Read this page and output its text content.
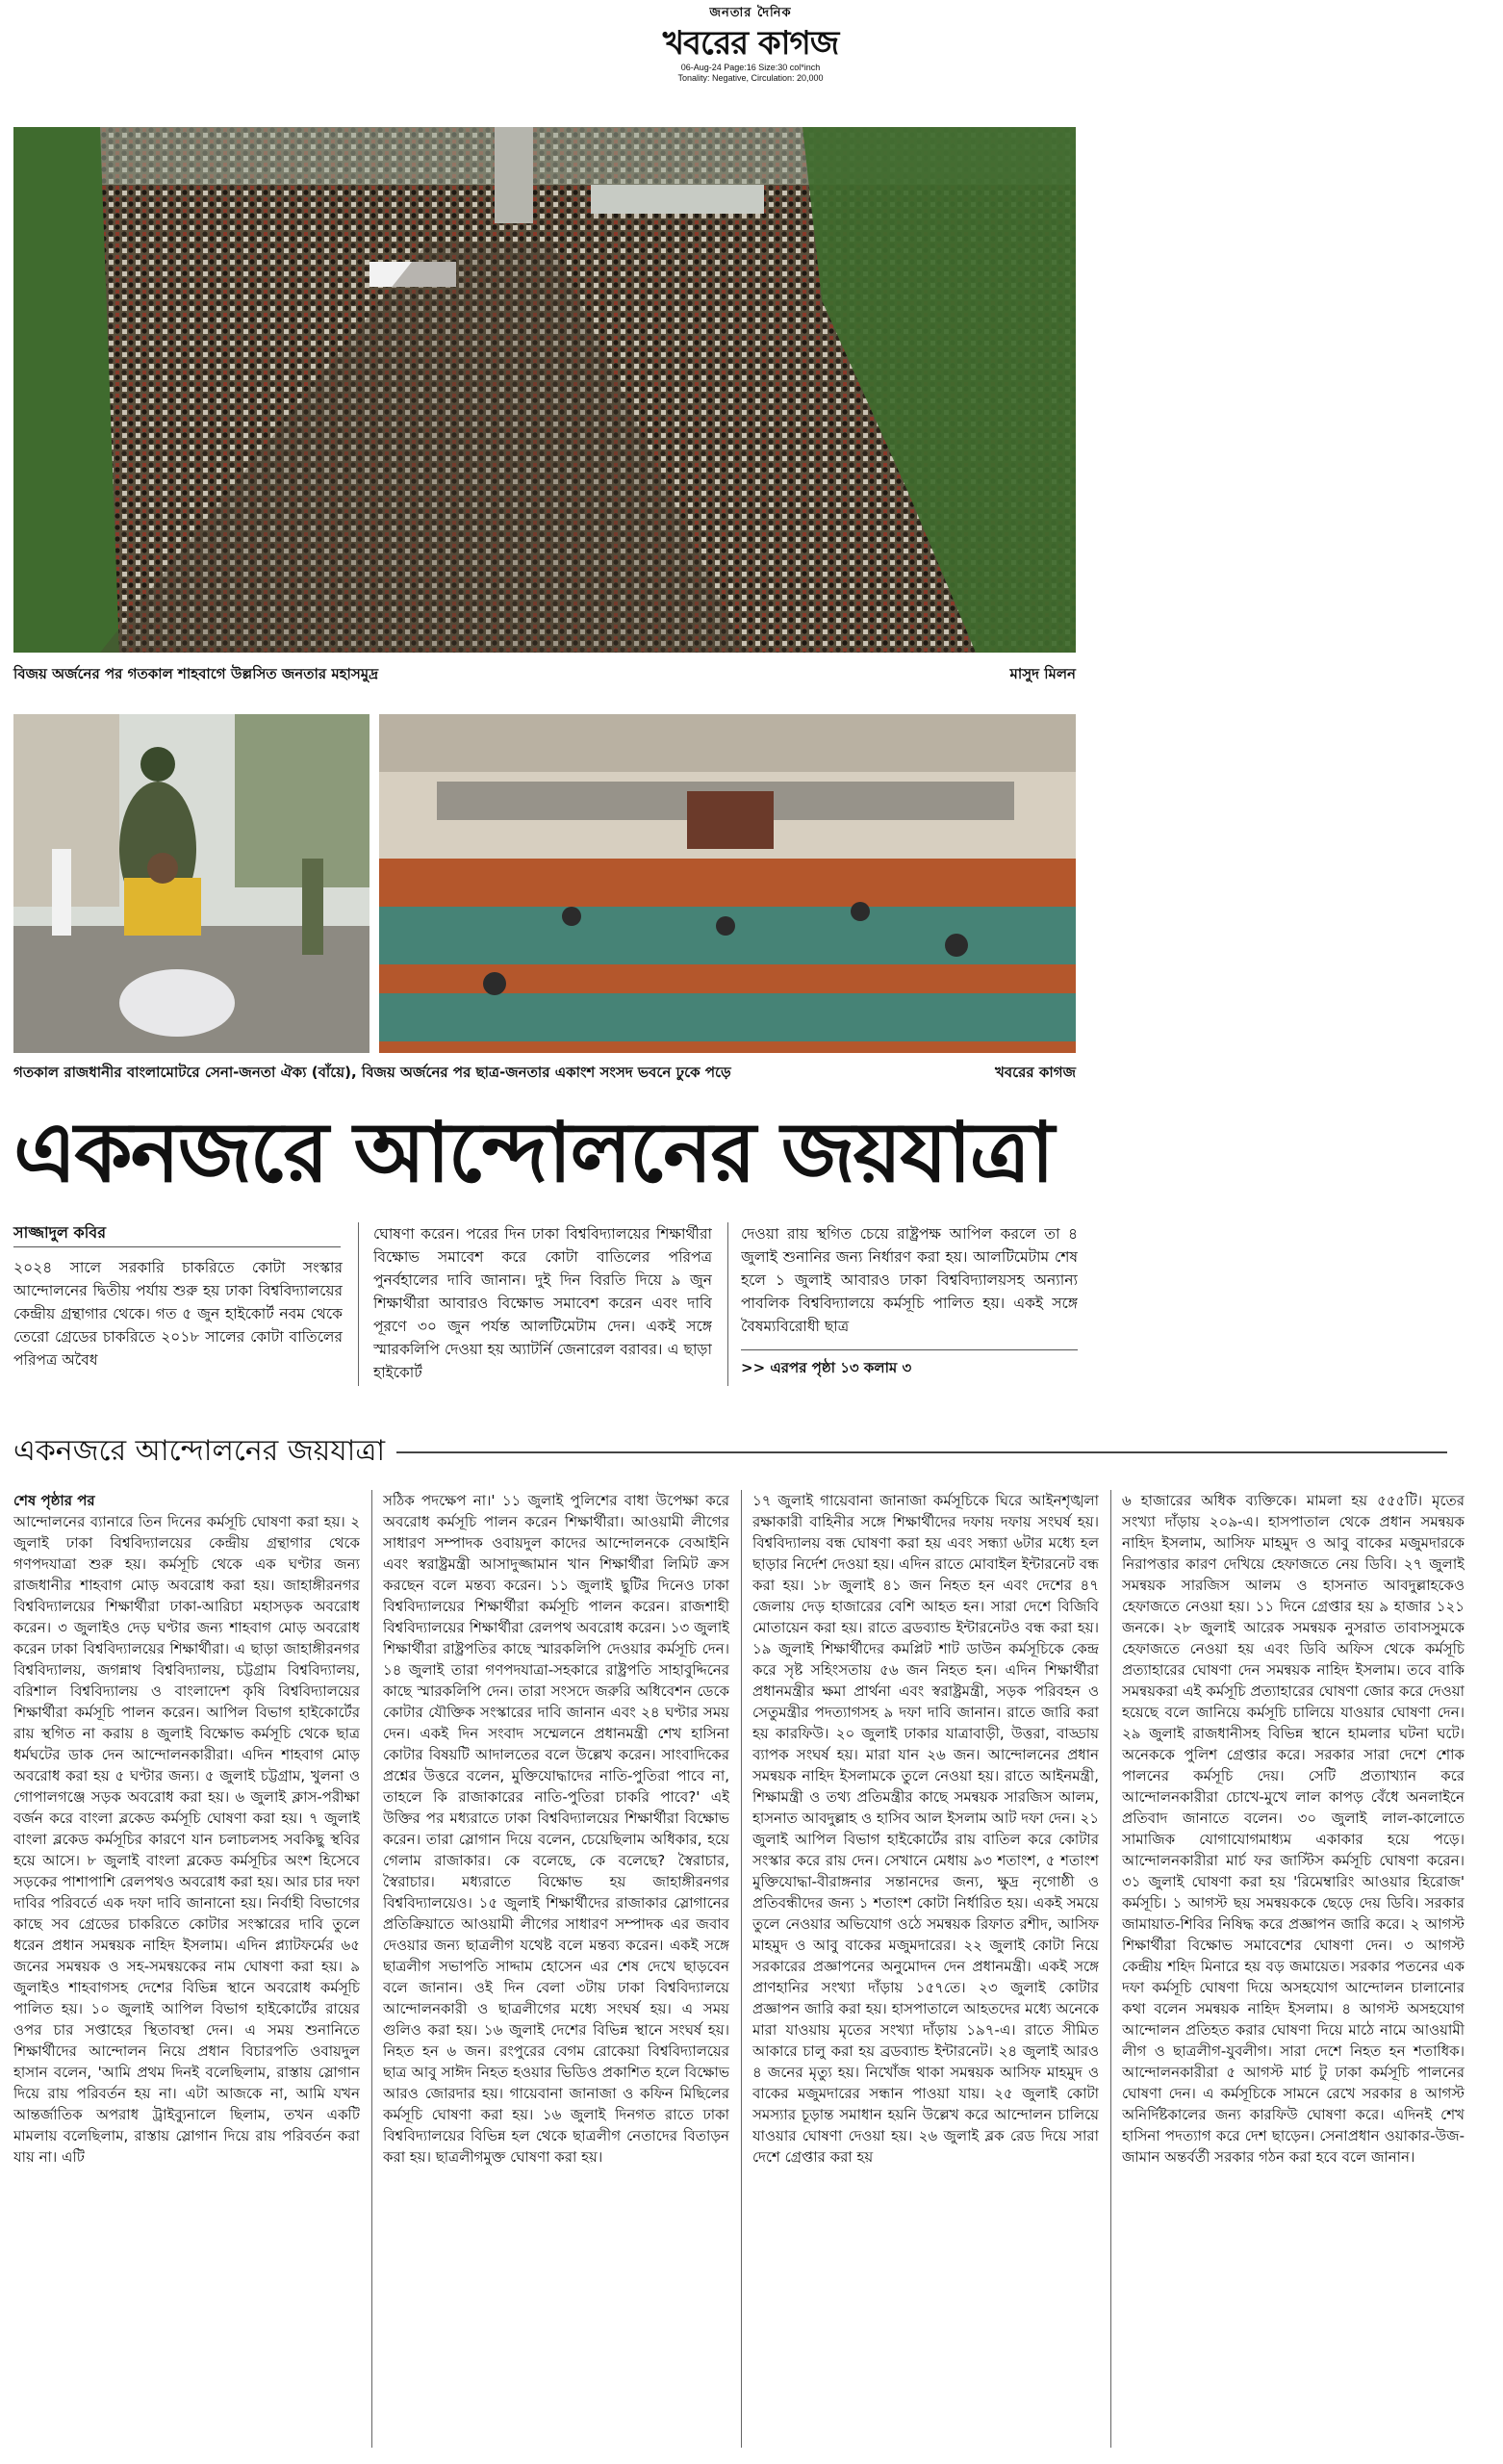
জনতার দৈনিক
খবরের কাগজ
06-Aug-24 Page:16 Size:30 col*inch
Tonality: Negative, Circulation: 20,000
বিজয় অর্জনের পর গতকাল শাহবাগে উল্লসিত জনতার মহাসমুদ্র	মাসুদ মিলন
গতকাল রাজধানীর বাংলামোটরে সেনা-জনতা ঐক্য (বাঁয়ে), বিজয় অর্জনের পর ছাত্র-জনতার একাংশ সংসদ ভবনে ঢুকে পড়ে	খবরের কাগজ
একনজরে আন্দোলনের জয়যাত্রা
সাজ্জাদুল কবির

২০২৪ সালে সরকারি চাকরিতে কোটা সংস্কার আন্দোলনের দ্বিতীয় পর্যায় শুরু হয় ঢাকা বিশ্ববিদ্যালয়ের কেন্দ্রীয় গ্রন্থাগার থেকে। গত ৫ জুন হাইকোর্ট নবম থেকে তেরো গ্রেডের চাকরিতে ২০১৮ সালের কোটা বাতিলের পরিপত্র অবৈধ

ঘোষণা করেন। পরের দিন ঢাকা বিশ্ববিদ্যালয়ের শিক্ষার্থীরা বিক্ষোভ সমাবেশ করে কোটা বাতিলের পরিপত্র পুনর্বহালের দাবি জানান। দুই দিন বিরতি দিয়ে ৯ জুন শিক্ষার্থীরা আবারও বিক্ষোভ সমাবেশ করেন এবং দাবি পূরণে ৩০ জুন পর্যন্ত আলটিমেটাম দেন। একই সঙ্গে স্মারকলিপি দেওয়া হয় অ্যাটর্নি জেনারেল বরাবর। এ ছাড়া হাইকোর্ট

দেওয়া রায় স্থগিত চেয়ে রাষ্ট্রপক্ষ আপিল করলে তা ৪ জুলাই শুনানির জন্য নির্ধারণ করা হয়। আলটিমেটাম শেষ হলে ১ জুলাই আবারও ঢাকা বিশ্ববিদ্যালয়সহ অন্যান্য পাবলিক বিশ্ববিদ্যালয়ে কর্মসূচি পালিত হয়। একই সঙ্গে বৈষম্যবিরোধী ছাত্র

>> এরপর পৃষ্ঠা ১৩ কলাম ৩
একনজরে আন্দোলনের জয়যাত্রা

শেষ পৃষ্ঠার পর

আন্দোলনের ব্যানারে তিন দিনের কর্মসূচি ঘোষণা করা হয়। ২ জুলাই ঢাকা বিশ্ববিদ্যালয়ের কেন্দ্রীয় গ্রন্থাগার থেকে গণপদযাত্রা শুরু হয়। কর্মসূচি থেকে এক ঘণ্টার জন্য রাজধানীর শাহবাগ মোড় অবরোধ করা হয়। জাহাঙ্গীরনগর বিশ্ববিদ্যালয়ের শিক্ষার্থীরা ঢাকা-আরিচা মহাসড়ক অবরোধ করেন। ৩ জুলাইও দেড় ঘণ্টার জন্য শাহবাগ মোড় অবরোধ করেন ঢাকা বিশ্ববিদ্যালয়ের শিক্ষার্থীরা। এ ছাড়া জাহাঙ্গীরনগর বিশ্ববিদ্যালয়, জগন্নাথ বিশ্ববিদ্যালয়, চট্টগ্রাম বিশ্ববিদ্যালয়, বরিশাল বিশ্ববিদ্যালয় ও বাংলাদেশ কৃষি বিশ্ববিদ্যালয়ের শিক্ষার্থীরা কর্মসূচি পালন করেন। আপিল বিভাগ হাইকোর্টের রায় স্থগিত না করায় ৪ জুলাই বিক্ষোভ কর্মসূচি থেকে ছাত্র ধর্মঘটের ডাক দেন আন্দোলনকারীরা। এদিন শাহবাগ মোড় অবরোধ করা হয় ৫ ঘণ্টার জন্য। ৫ জুলাই চট্টগ্রাম, খুলনা ও গোপালগঞ্জে সড়ক অবরোধ করা হয়। ৬ জুলাই ক্লাস-পরীক্ষা বর্জন করে বাংলা ব্লকেড কর্মসূচি ঘোষণা করা হয়। ৭ জুলাই বাংলা ব্লকেড কর্মসূচির কারণে যান চলাচলসহ সবকিছু স্থবির হয়ে আসে। ৮ জুলাই বাংলা ব্লকেড কর্মসূচির অংশ হিসেবে সড়কের পাশাপাশি রেলপথও অবরোধ করা হয়। আর চার দফা দাবির পরিবর্তে এক দফা দাবি জানানো হয়। নির্বাহী বিভাগের কাছে সব গ্রেডের চাকরিতে কোটার সংস্কারের দাবি তুলে ধরেন প্রধান সমন্বয়ক নাহিদ ইসলাম। এদিন প্ল্যাটফর্মের ৬৫ জনের সমন্বয়ক ও সহ-সমন্বয়কের নাম ঘোষণা করা হয়। ৯ জুলাইও শাহবাগসহ দেশের বিভিন্ন স্থানে অবরোধ কর্মসূচি পালিত হয়। ১০ জুলাই আপিল বিভাগ হাইকোর্টের রায়ের ওপর চার সপ্তাহের স্থিতাবস্থা দেন। এ সময় শুনানিতে শিক্ষার্থীদের আন্দোলন নিয়ে প্রধান বিচারপতি ওবায়দুল হাসান বলেন, 'আমি প্রথম দিনই বলেছিলাম, রাস্তায় স্লোগান দিয়ে রায় পরিবর্তন হয় না। এটা আজকে না, আমি যখন আন্তর্জাতিক অপরাধ ট্রাইব্যুনালে ছিলাম, তখন একটি মামলায় বলেছিলাম, রাস্তায় স্লোগান দিয়ে রায় পরিবর্তন করা যায় না। এটি

সঠিক পদক্ষেপ না।' ১১ জুলাই পুলিশের বাধা উপেক্ষা করে অবরোধ কর্মসূচি পালন করেন শিক্ষার্থীরা। আওয়ামী লীগের সাধারণ সম্পাদক ওবায়দুল কাদের আন্দোলনকে বেআইনি এবং স্বরাষ্ট্রমন্ত্রী আসাদুজ্জামান খান শিক্ষার্থীরা লিমিট ক্রস করছেন বলে মন্তব্য করেন। ১১ জুলাই ছুটির দিনেও ঢাকা বিশ্ববিদ্যালয়ের শিক্ষার্থীরা কর্মসূচি পালন করেন। রাজশাহী বিশ্ববিদ্যালয়ের শিক্ষার্থীরা রেলপথ অবরোধ করেন। ১৩ জুলাই শিক্ষার্থীরা রাষ্ট্রপতির কাছে স্মারকলিপি দেওয়ার কর্মসূচি দেন। ১৪ জুলাই তারা গণপদযাত্রা-সহকারে রাষ্ট্রপতি সাহাবুদ্দিনের কাছে স্মারকলিপি দেন। তারা সংসদে জরুরি অধিবেশন ডেকে কোটার যৌক্তিক সংস্কারের দাবি জানান এবং ২৪ ঘণ্টার সময় দেন। একই দিন সংবাদ সম্মেলনে প্রধানমন্ত্রী শেখ হাসিনা কোটার বিষয়টি আদালতের বলে উল্লেখ করেন। সাংবাদিকের প্রশ্নের উত্তরে বলেন, মুক্তিযোদ্ধাদের নাতি-পুতিরা পাবে না, তাহলে কি রাজাকারের নাতি-পুতিরা চাকরি পাবে?' এই উক্তির পর মধ্যরাতে ঢাকা বিশ্ববিদ্যালয়ের শিক্ষার্থীরা বিক্ষোভ করেন। তারা স্লোগান দিয়ে বলেন, চেয়েছিলাম অধিকার, হয়ে গেলাম রাজাকার। কে বলেছে, কে বলেছে? স্বৈরাচার, স্বৈরাচার। মধ্যরাতে বিক্ষোভ হয় জাহাঙ্গীরনগর বিশ্ববিদ্যালয়েও। ১৫ জুলাই শিক্ষার্থীদের রাজাকার স্লোগানের প্রতিক্রিয়াতে আওয়ামী লীগের সাধারণ সম্পাদক এর জবাব দেওয়ার জন্য ছাত্রলীগ যথেষ্ট বলে মন্তব্য করেন। একই সঙ্গে ছাত্রলীগ সভাপতি সাদ্দাম হোসেন এর শেষ দেখে ছাড়বেন বলে জানান। ওই দিন বেলা ৩টায় ঢাকা বিশ্ববিদ্যালয়ে আন্দোলনকারী ও ছাত্রলীগের মধ্যে সংঘর্ষ হয়। এ সময় গুলিও করা হয়। ১৬ জুলাই দেশের বিভিন্ন স্থানে সংঘর্ষ হয়। নিহত হন ৬ জন। রংপুরের বেগম রোকেয়া বিশ্ববিদ্যালয়ের ছাত্র আবু সাঈদ নিহত হওয়ার ভিডিও প্রকাশিত হলে বিক্ষোভ আরও জোরদার হয়। গায়েবানা জানাজা ও কফিন মিছিলের কর্মসূচি ঘোষণা করা হয়। ১৬ জুলাই দিনগত রাতে ঢাকা বিশ্ববিদ্যালয়ের বিভিন্ন হল থেকে ছাত্রলীগ নেতাদের বিতাড়ন করা হয়। ছাত্রলীগমুক্ত ঘোষণা করা হয়।

১৭ জুলাই গায়েবানা জানাজা কর্মসূচিকে ঘিরে আইনশৃঙ্খলা রক্ষাকারী বাহিনীর সঙ্গে শিক্ষার্থীদের দফায় দফায় সংঘর্ষ হয়। বিশ্ববিদ্যালয় বন্ধ ঘোষণা করা হয় এবং সন্ধ্যা ৬টার মধ্যে হল ছাড়ার নির্দেশ দেওয়া হয়। এদিন রাতে মোবাইল ইন্টারনেট বন্ধ করা হয়। ১৮ জুলাই ৪১ জন নিহত হন এবং দেশের ৪৭ জেলায় দেড় হাজারের বেশি আহত হন। সারা দেশে বিজিবি মোতায়েন করা হয়। রাতে ব্রডব্যান্ড ইন্টারনেটও বন্ধ করা হয়। ১৯ জুলাই শিক্ষার্থীদের কমপ্লিট শাট ডাউন কর্মসূচিকে কেন্দ্র করে সৃষ্ট সহিংসতায় ৫৬ জন নিহত হন। এদিন শিক্ষার্থীরা প্রধানমন্ত্রীর ক্ষমা প্রার্থনা এবং স্বরাষ্ট্রমন্ত্রী, সড়ক পরিবহন ও সেতুমন্ত্রীর পদত্যাগসহ ৯ দফা দাবি জানান। রাতে জারি করা হয় কারফিউ। ২০ জুলাই ঢাকার যাত্রাবাড়ী, উত্তরা, বাড্ডায় ব্যাপক সংঘর্ষ হয়। মারা যান ২৬ জন। আন্দোলনের প্রধান সমন্বয়ক নাহিদ ইসলামকে তুলে নেওয়া হয়। রাতে আইনমন্ত্রী, শিক্ষামন্ত্রী ও তথ্য প্রতিমন্ত্রীর কাছে সমন্বয়ক সারজিস আলম, হাসনাত আবদুল্লাহ ও হাসিব আল ইসলাম আট দফা দেন। ২১ জুলাই আপিল বিভাগ হাইকোর্টের রায় বাতিল করে কোটার সংস্কার করে রায় দেন। সেখানে মেধায় ৯৩ শতাংশ, ৫ শতাংশ মুক্তিযোদ্ধা-বীরাঙ্গনার সন্তানদের জন্য, ক্ষুদ্র নৃগোষ্ঠী ও প্রতিবন্ধীদের জন্য ১ শতাংশ কোটা নির্ধারিত হয়। একই সময়ে তুলে নেওয়ার অভিযোগ ওঠে সমন্বয়ক রিফাত রশীদ, আসিফ মাহমুদ ও আবু বাকের মজুমদারের। ২২ জুলাই কোটা নিয়ে সরকারের প্রজ্ঞাপনের অনুমোদন দেন প্রধানমন্ত্রী। একই সঙ্গে প্রাণহানির সংখ্যা দাঁড়ায় ১৫৭তে। ২৩ জুলাই কোটার প্রজ্ঞাপন জারি করা হয়। হাসপাতালে আহতদের মধ্যে অনেকে মারা যাওয়ায় মৃতের সংখ্যা দাঁড়ায় ১৯৭-এ। রাতে সীমিত আকারে চালু করা হয় ব্রডব্যান্ড ইন্টারনেট। ২৪ জুলাই আরও ৪ জনের মৃত্যু হয়। নিখোঁজ থাকা সমন্বয়ক আসিফ মাহমুদ ও বাকের মজুমদারের সন্ধান পাওয়া যায়। ২৫ জুলাই কোটা সমস্যার চূড়ান্ত সমাধান হয়নি উল্লেখ করে আন্দোলন চালিয়ে যাওয়ার ঘোষণা দেওয়া হয়। ২৬ জুলাই ব্লক রেড দিয়ে সারা দেশে গ্রেপ্তার করা হয়

৬ হাজারের অধিক ব্যক্তিকে। মামলা হয় ৫৫৫টি। মৃতের সংখ্যা দাঁড়ায় ২০৯-এ। হাসপাতাল থেকে প্রধান সমন্বয়ক নাহিদ ইসলাম, আসিফ মাহমুদ ও আবু বাকের মজুমদারকে নিরাপত্তার কারণ দেখিয়ে হেফাজতে নেয় ডিবি। ২৭ জুলাই সমন্বয়ক সারজিস আলম ও হাসনাত আবদুল্লাহকেও হেফাজতে নেওয়া হয়। ১১ দিনে গ্রেপ্তার হয় ৯ হাজার ১২১ জনকে। ২৮ জুলাই আরেক সমন্বয়ক নুসরাত তাবাসসুমকে হেফাজতে নেওয়া হয় এবং ডিবি অফিস থেকে কর্মসূচি প্রত্যাহারের ঘোষণা দেন সমন্বয়ক নাহিদ ইসলাম। তবে বাকি সমন্বয়করা এই কর্মসূচি প্রত্যাহারের ঘোষণা জোর করে দেওয়া হয়েছে বলে জানিয়ে কর্মসূচি চালিয়ে যাওয়ার ঘোষণা দেন। ২৯ জুলাই রাজধানীসহ বিভিন্ন স্থানে হামলার ঘটনা ঘটে। অনেককে পুলিশ গ্রেপ্তার করে। সরকার সারা দেশে শোক পালনের কর্মসূচি দেয়। সেটি প্রত্যাখ্যান করে আন্দোলনকারীরা চোখে-মুখে লাল কাপড় বেঁধে অনলাইনে প্রতিবাদ জানাতে বলেন। ৩০ জুলাই লাল-কালোতে সামাজিক যোগাযোগমাধ্যম একাকার হয়ে পড়ে। আন্দোলনকারীরা মার্চ ফর জাস্টিস কর্মসূচি ঘোষণা করেন। ৩১ জুলাই ঘোষণা করা হয় 'রিমেম্বারিং আওয়ার হিরোজ' কর্মসূচি। ১ আগস্ট ছয় সমন্বয়ককে ছেড়ে দেয় ডিবি। সরকার জামায়াত-শিবির নিষিদ্ধ করে প্রজ্ঞাপন জারি করে। ২ আগস্ট শিক্ষার্থীরা বিক্ষোভ সমাবেশের ঘোষণা দেন। ৩ আগস্ট কেন্দ্রীয় শহিদ মিনারে হয় বড় জমায়েত। সরকার পতনের এক দফা কর্মসূচি ঘোষণা দিয়ে অসহযোগ আন্দোলন চালানোর কথা বলেন সমন্বয়ক নাহিদ ইসলাম। ৪ আগস্ট অসহযোগ আন্দোলন প্রতিহত করার ঘোষণা দিয়ে মাঠে নামে আওয়ামী লীগ ও ছাত্রলীগ-যুবলীগ। সারা দেশে নিহত হন শতাধিক। আন্দোলনকারীরা ৫ আগস্ট মার্চ টু ঢাকা কর্মসূচি পালনের ঘোষণা দেন। এ কর্মসূচিকে সামনে রেখে সরকার ৪ আগস্ট অনির্দিষ্টকালের জন্য কারফিউ ঘোষণা করে। এদিনই শেখ হাসিনা পদত্যাগ করে দেশ ছাড়েন। সেনাপ্রধান ওয়াকার-উজ-জামান অন্তর্বর্তী সরকার গঠন করা হবে বলে জানান।
